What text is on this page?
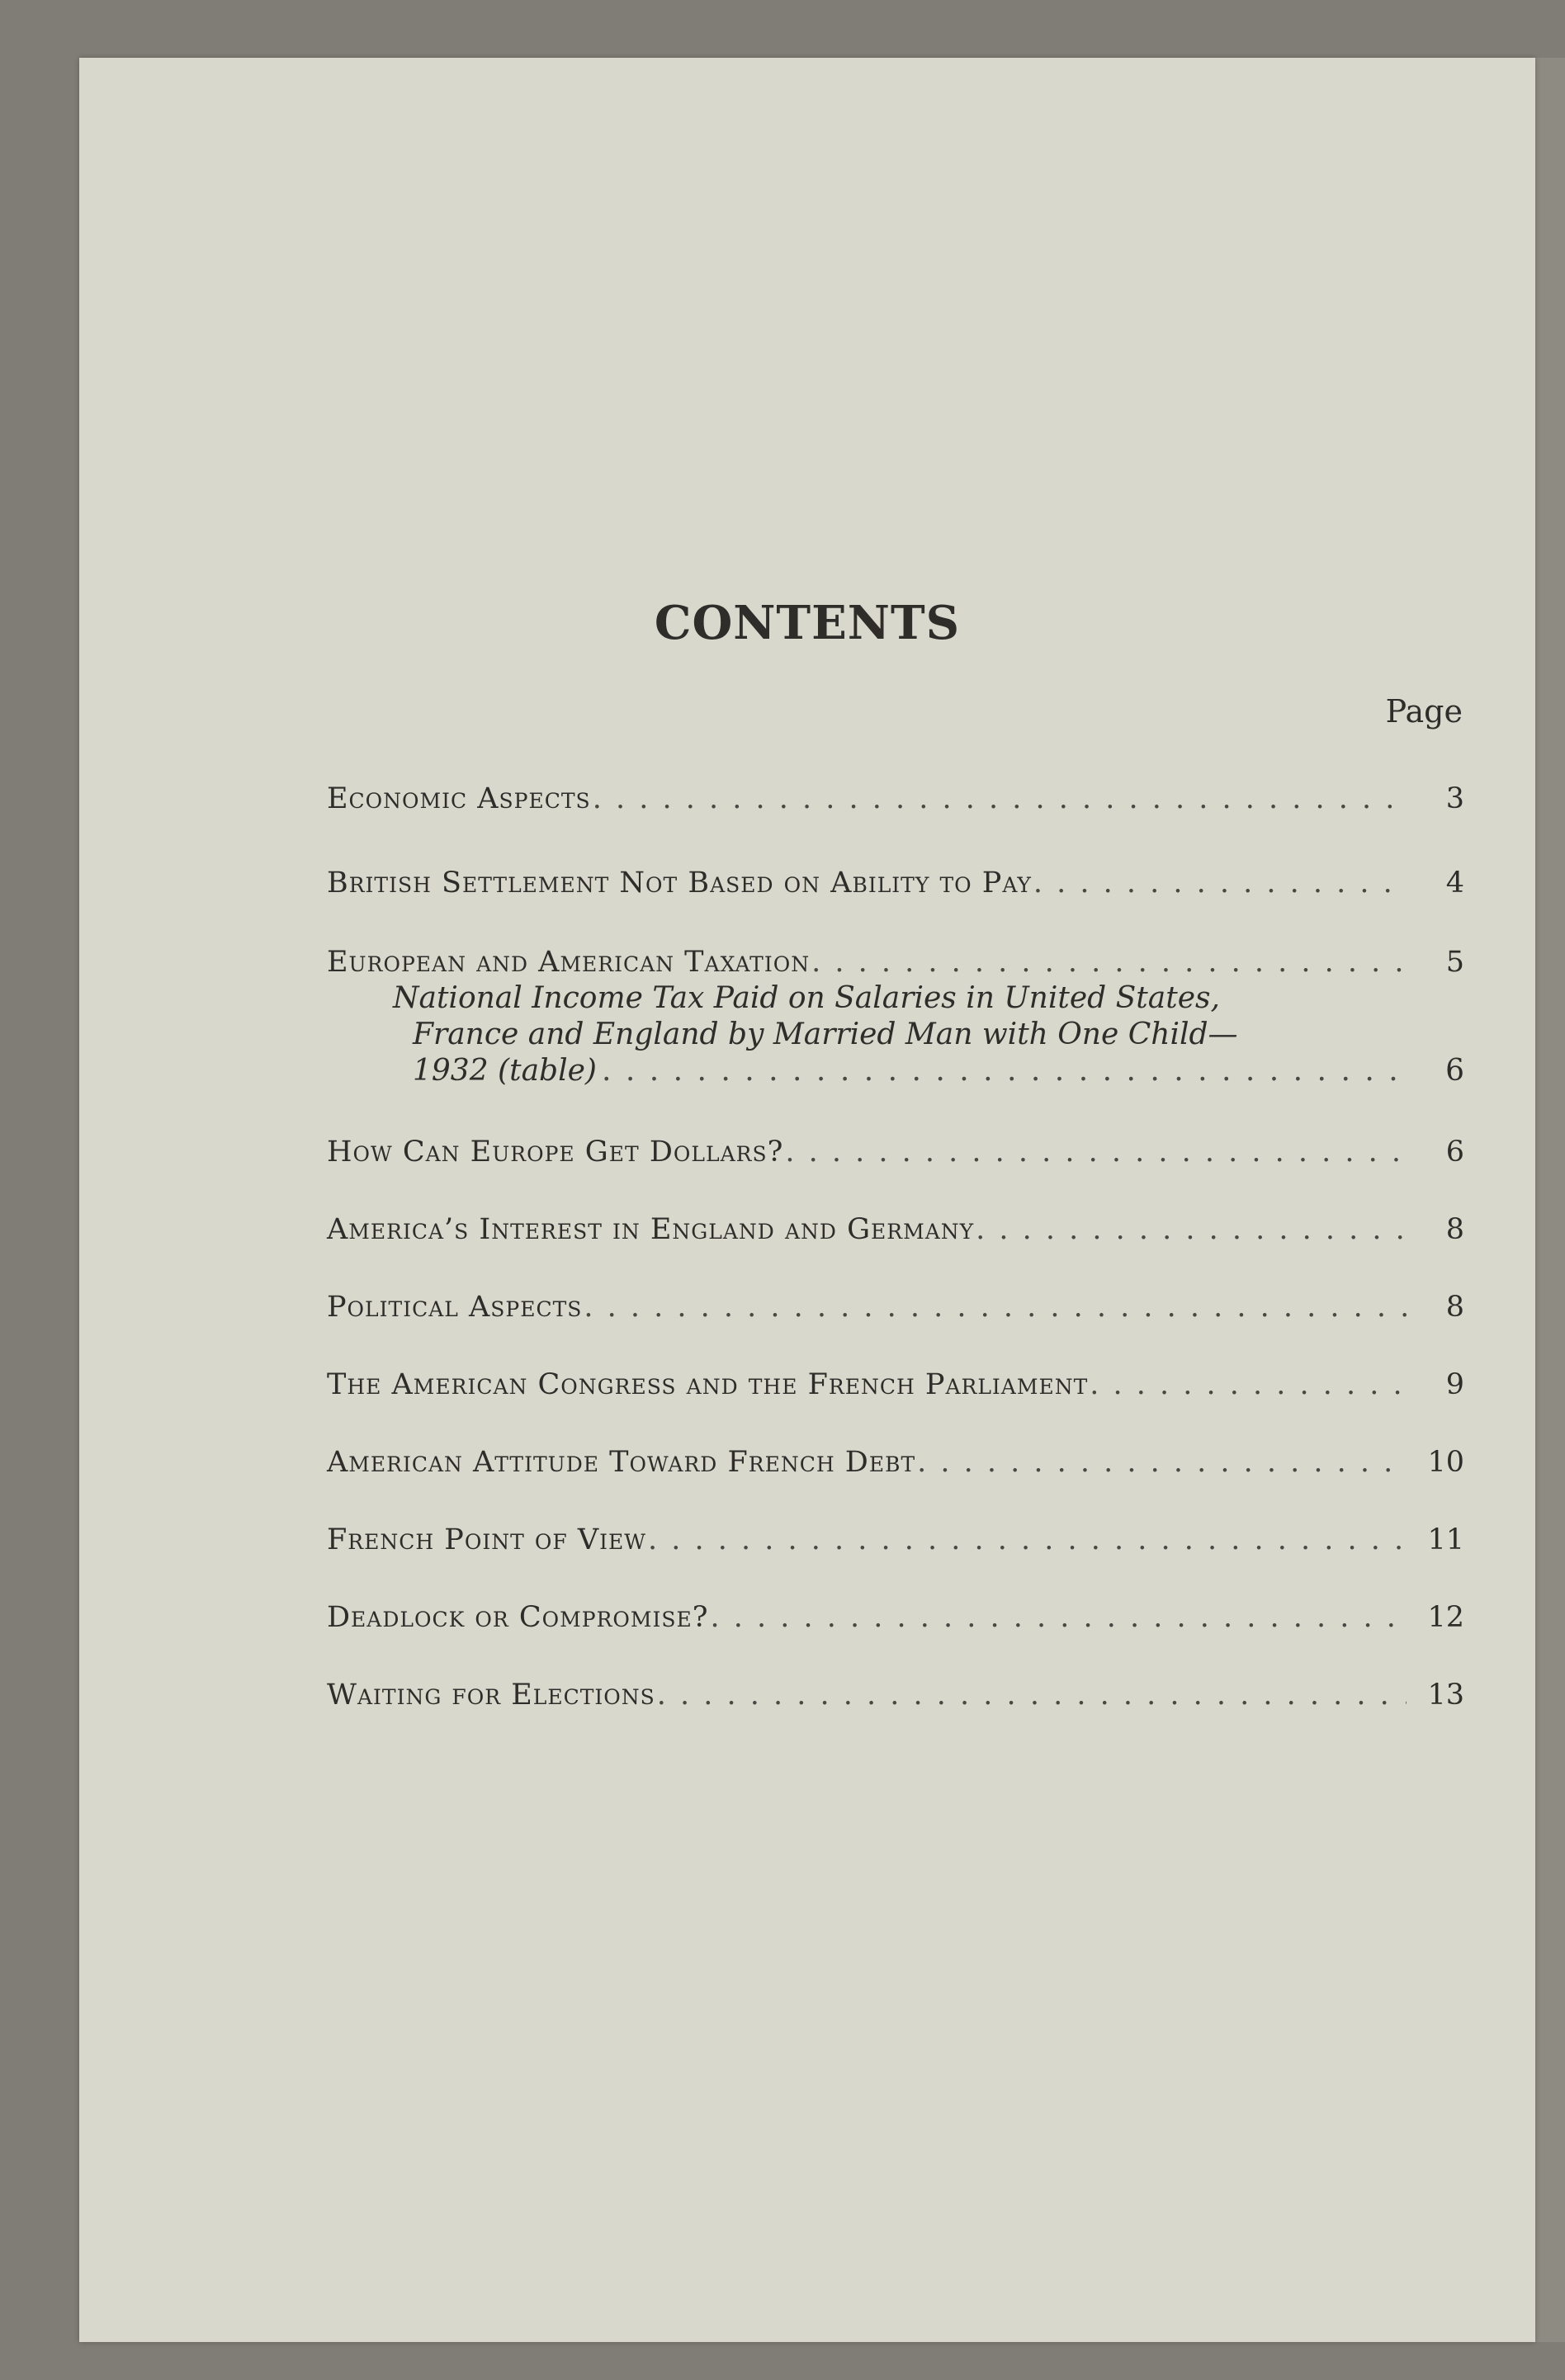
CONTENTS
Page
Economic Aspects . . .	3
British Settlement Not Based on Ability to Pay . . .	4
European and American Taxation . . .	5
National Income Tax Paid on Salaries in United States,
France and England by Married Man with One Child—
1932 (table) . . .	6
How Can Europe Get Dollars? . . .	6
America’s Interest in England and Germany . . .	8
Political Aspects . . .	8
The American Congress and the French Parliament . . .	9
American Attitude Toward French Debt . . .	10
French Point of View . . .	11
Deadlock or Compromise? . . .	12
Waiting for Elections . . .	13
